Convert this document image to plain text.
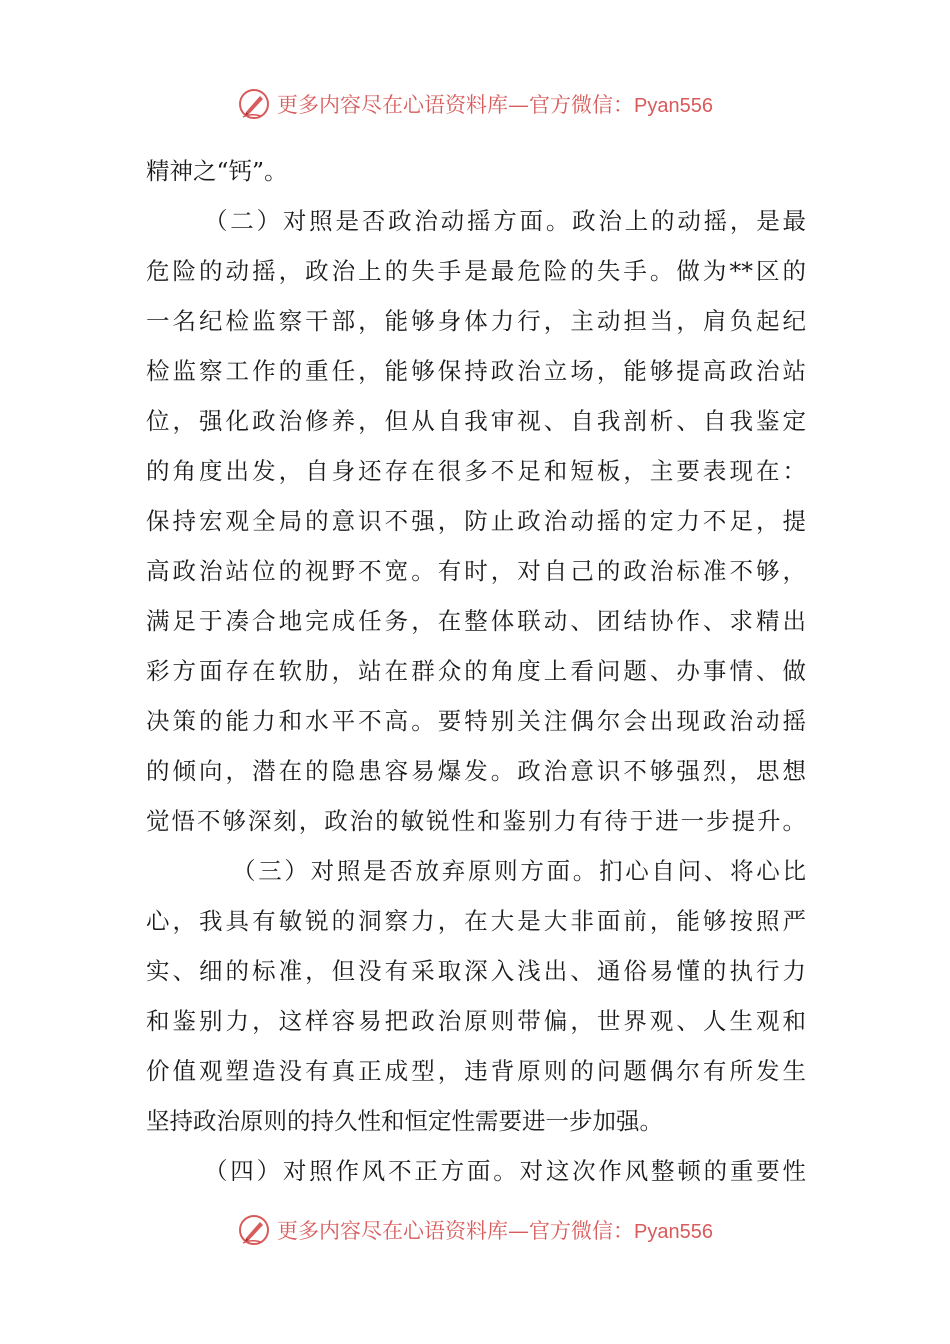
更多内容尽在心语资料库—官方微信：Pyan556
精神之“钙”。
（二）对照是否政治动摇方面。政治上的动摇，是最
危险的动摇，政治上的失手是最危险的失手。做为**区的
一名纪检监察干部，能够身体力行，主动担当，肩负起纪
检监察工作的重任，能够保持政治立场，能够提高政治站
位，强化政治修养，但从自我审视、自我剖析、自我鉴定
的角度出发，自身还存在很多不足和短板，主要表现在：
保持宏观全局的意识不强，防止政治动摇的定力不足，提
高政治站位的视野不宽。有时，对自己的政治标准不够，
满足于凑合地完成任务，在整体联动、团结协作、求精出
彩方面存在软肋，站在群众的角度上看问题、办事情、做
决策的能力和水平不高。要特别关注偶尔会出现政治动摇
的倾向，潜在的隐患容易爆发。政治意识不够强烈，思想
觉悟不够深刻，政治的敏锐性和鉴别力有待于进一步提升。
（三）对照是否放弃原则方面。扪心自问、将心比
心，我具有敏锐的洞察力，在大是大非面前，能够按照严
实、细的标准，但没有采取深入浅出、通俗易懂的执行力
和鉴别力，这样容易把政治原则带偏，世界观、人生观和
价值观塑造没有真正成型，违背原则的问题偶尔有所发生
坚持政治原则的持久性和恒定性需要进一步加强。
（四）对照作风不正方面。对这次作风整顿的重要性
更多内容尽在心语资料库—官方微信：Pyan556
